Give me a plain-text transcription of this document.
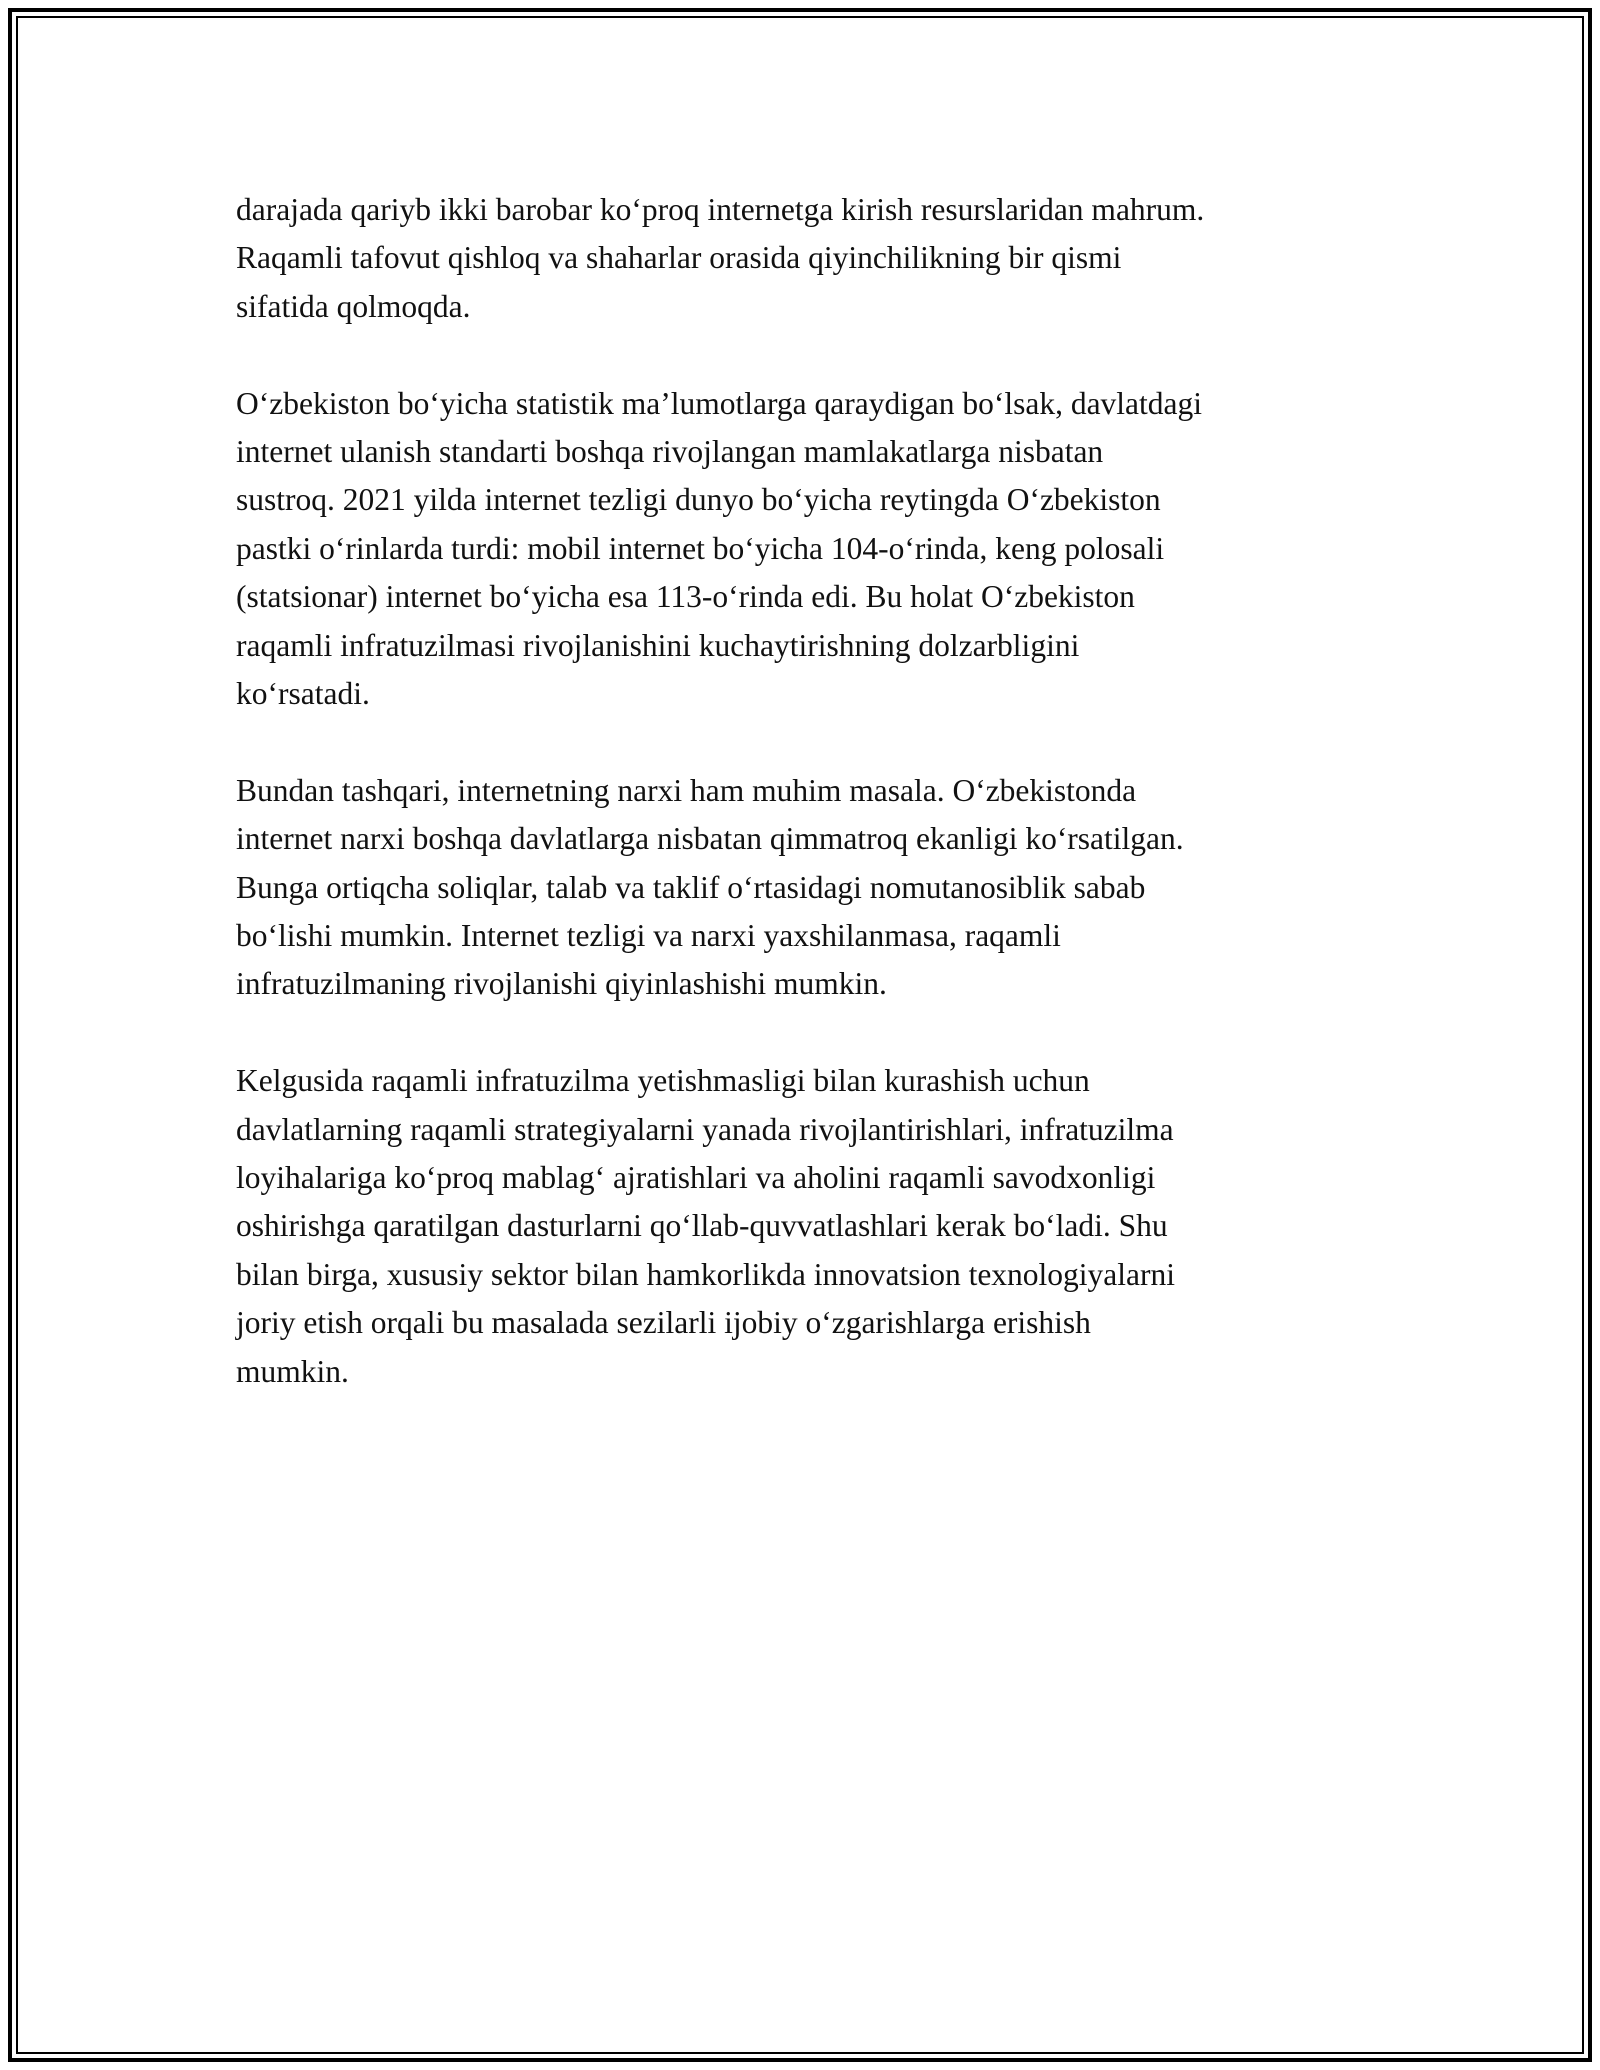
darajada qariyb ikki barobar ko‘proq internetga kirish resurslaridan mahrum.
Raqamli tafovut qishloq va shaharlar orasida qiyinchilikning bir qismi
sifatida qolmoqda.

O‘zbekiston bo‘yicha statistik ma’lumotlarga qaraydigan bo‘lsak, davlatdagi
internet ulanish standarti boshqa rivojlangan mamlakatlarga nisbatan
sustroq. 2021 yilda internet tezligi dunyo bo‘yicha reytingda O‘zbekiston
pastki o‘rinlarda turdi: mobil internet bo‘yicha 104-o‘rinda, keng polosali
(statsionar) internet bo‘yicha esa 113-o‘rinda edi. Bu holat O‘zbekiston
raqamli infratuzilmasi rivojlanishini kuchaytirishning dolzarbligini
ko‘rsatadi.

Bundan tashqari, internetning narxi ham muhim masala. O‘zbekistonda
internet narxi boshqa davlatlarga nisbatan qimmatroq ekanligi ko‘rsatilgan.
Bunga ortiqcha soliqlar, talab va taklif o‘rtasidagi nomutanosiblik sabab
bo‘lishi mumkin. Internet tezligi va narxi yaxshilanmasa, raqamli
infratuzilmaning rivojlanishi qiyinlashishi mumkin.

Kelgusida raqamli infratuzilma yetishmasligi bilan kurashish uchun
davlatlarning raqamli strategiyalarni yanada rivojlantirishlari, infratuzilma
loyihalariga ko‘proq mablag‘ ajratishlari va aholini raqamli savodxonligi
oshirishga qaratilgan dasturlarni qo‘llab-quvvatlashlari kerak bo‘ladi. Shu
bilan birga, xususiy sektor bilan hamkorlikda innovatsion texnologiyalarni
joriy etish orqali bu masalada sezilarli ijobiy o‘zgarishlarga erishish
mumkin.
